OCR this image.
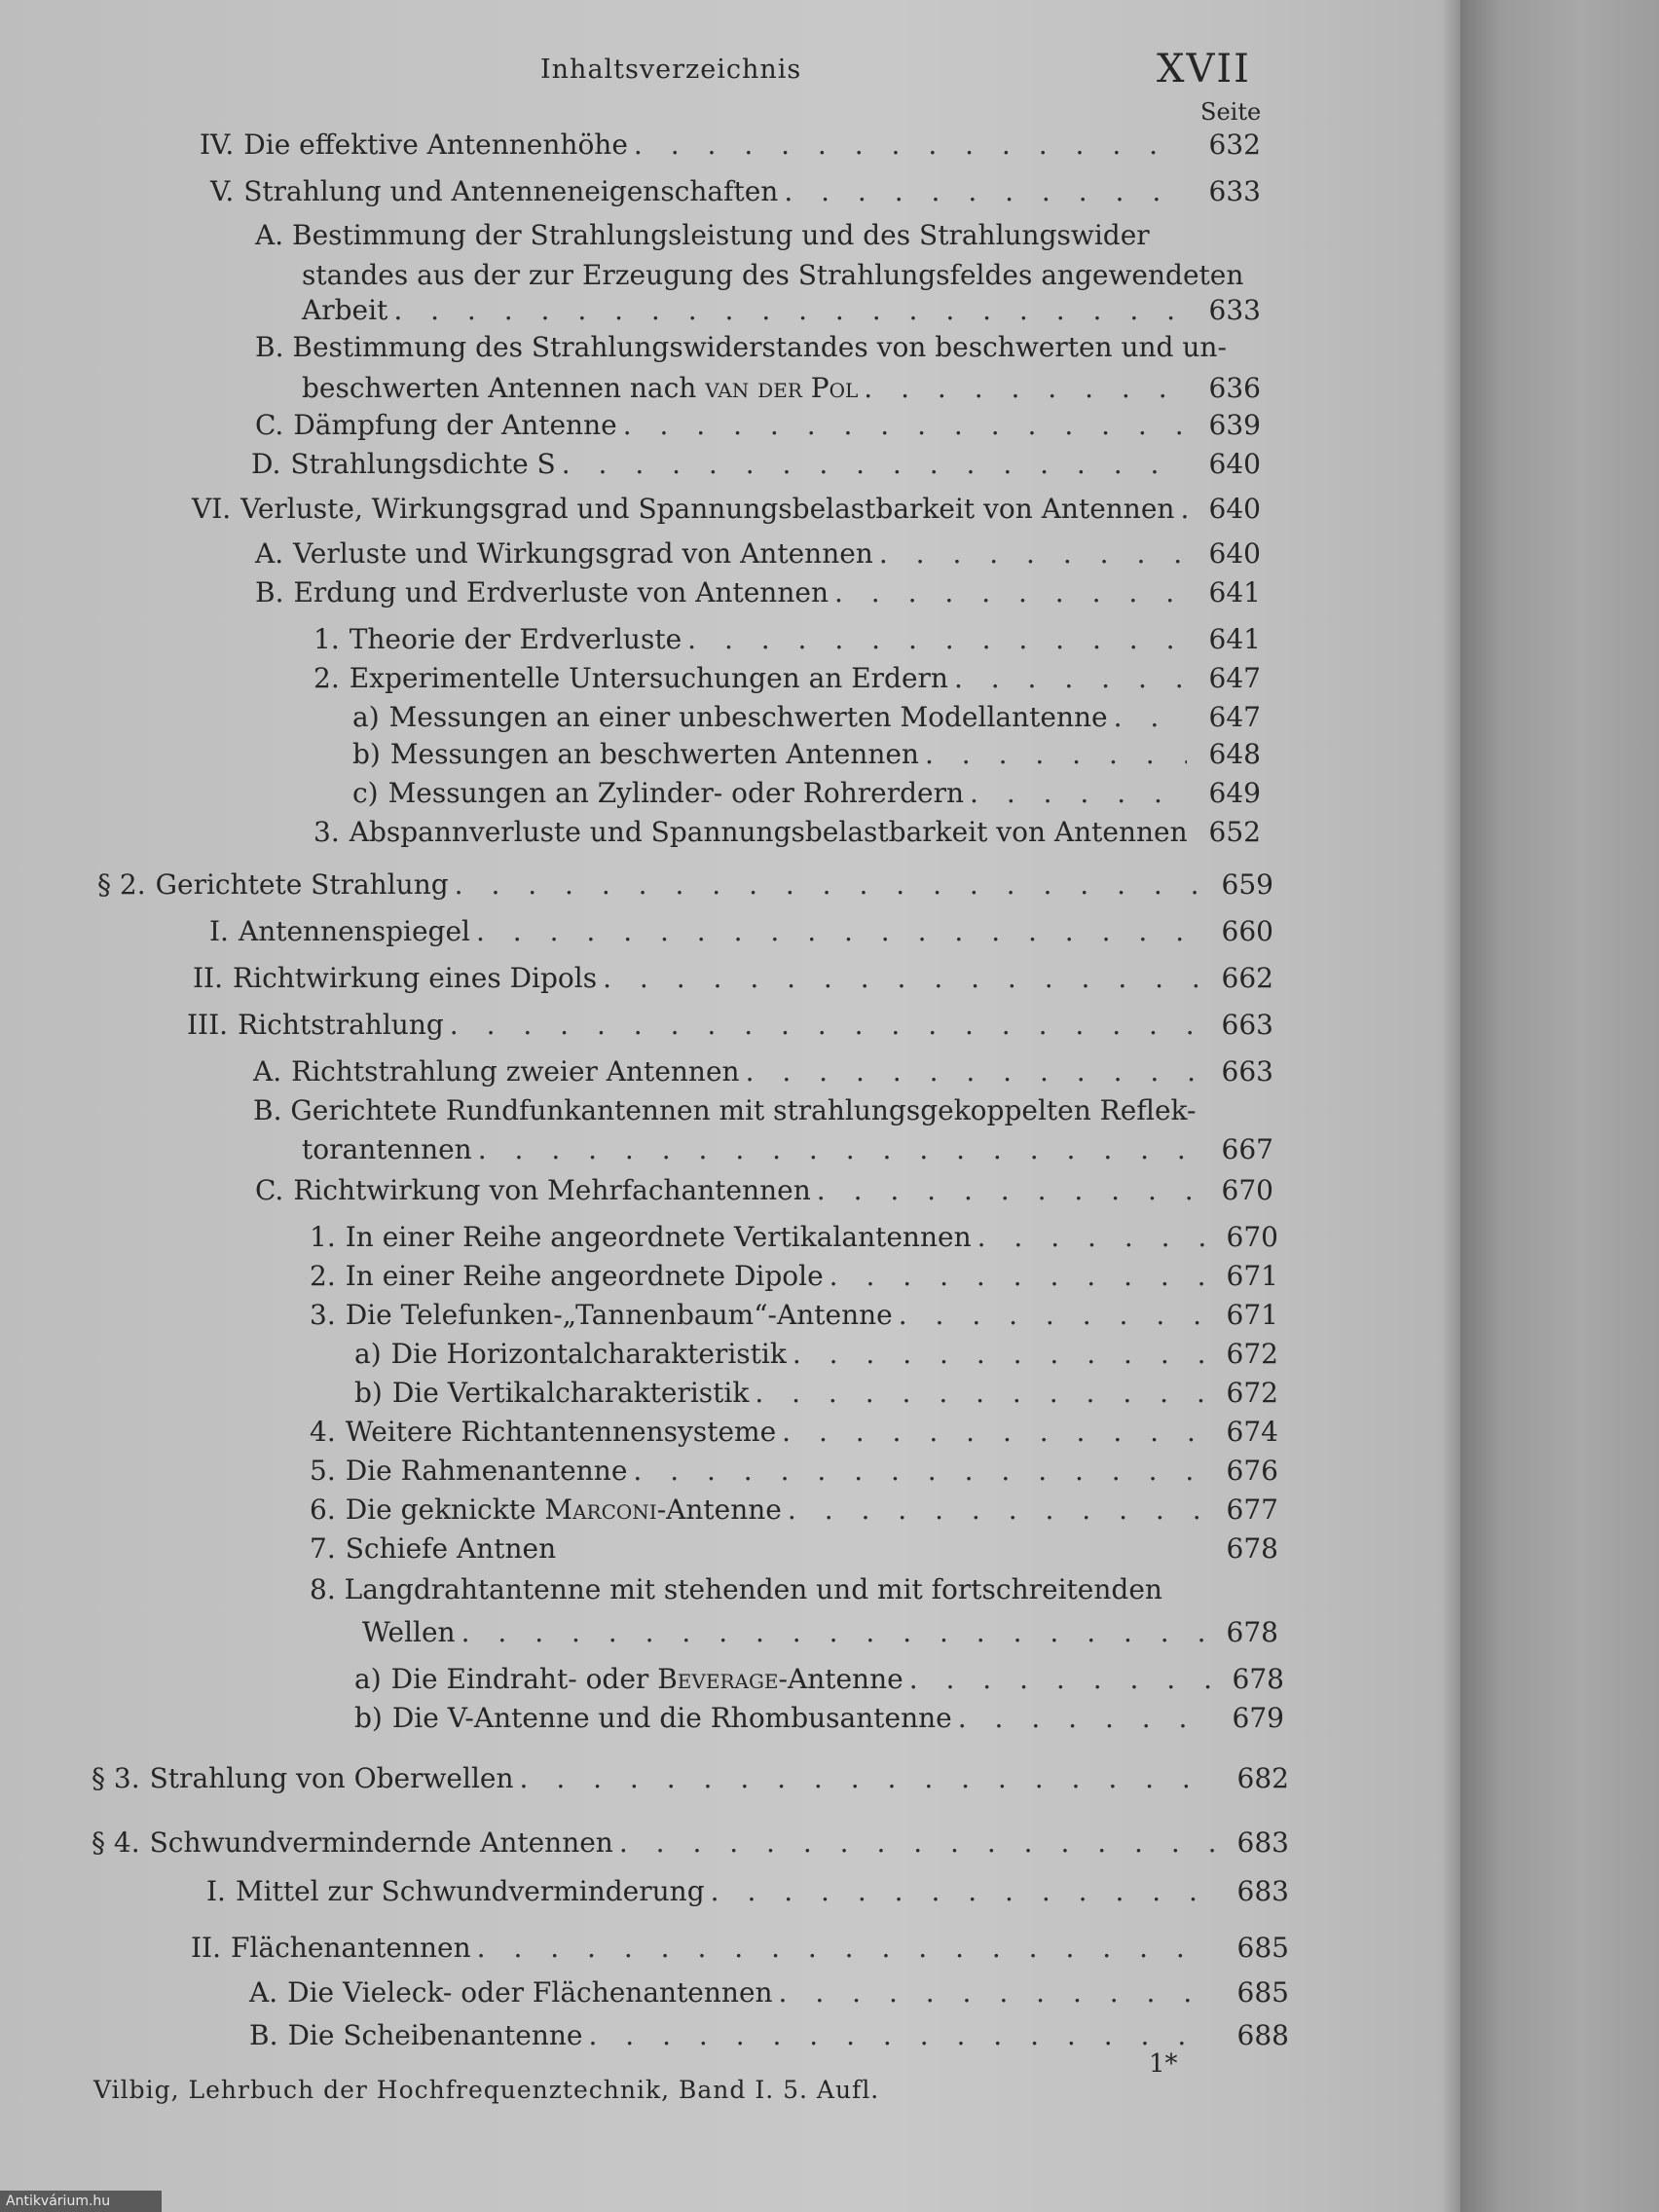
Inhaltsverzeichnis	XVII
Seite
IV. Die effektive Antennenhöhe . . .	632
V. Strahlung und Antenneneigenschaften . . .	633
A. Bestimmung der Strahlungsleistung und des Strahlungswider
standes aus der zur Erzeugung des Strahlungsfeldes angewendeten
Arbeit . . .	633
B. Bestimmung des Strahlungswiderstandes von beschwerten und un-
beschwerten Antennen nach van der Pol . . .	636
C. Dämpfung der Antenne . . .	639
D. Strahlungsdichte S . . .	640
VI. Verluste, Wirkungsgrad und Spannungsbelastbarkeit von Antennen . . .	640
A. Verluste und Wirkungsgrad von Antennen . . .	640
B. Erdung und Erdverluste von Antennen . . .	641
1. Theorie der Erdverluste . . .	641
2. Experimentelle Untersuchungen an Erdern . . .	647
a) Messungen an einer unbeschwerten Modellantenne . . .	647
b) Messungen an beschwerten Antennen . . .	648
c) Messungen an Zylinder- oder Rohrerdern . . .	649
3. Abspannverluste und Spannungsbelastbarkeit von Antennen . . . 652
§ 2. Gerichtete Strahlung . . .	659
I. Antennenspiegel . . .	660
II. Richtwirkung eines Dipols . . .	662
III. Richtstrahlung . . .	663
A. Richtstrahlung zweier Antennen . . .	663
B. Gerichtete Rundfunkantennen mit strahlungsgekoppelten Reflek-
torantennen . . .	667
C. Richtwirkung von Mehrfachantennen . . .	670
1. In einer Reihe angeordnete Vertikalantennen . . .	670
2. In einer Reihe angeordnete Dipole . . .	671
3. Die Telefunken-„Tannenbaum“-Antenne . . .	671
a) Die Horizontalcharakteristik . . .	672
b) Die Vertikalcharakteristik . . .	672
4. Weitere Richtantennensysteme . . .	674
5. Die Rahmenantenne . . .	676
6. Die geknickte Marconi-Antenne . . .	677
7. Schiefe Antnen	678
8. Langdrahtantenne mit stehenden und mit fortschreitenden
Wellen . . .	678
a) Die Eindraht- oder Beverage-Antenne . . .	678
b) Die V-Antenne und die Rhombusantenne . . .	679
§ 3. Strahlung von Oberwellen . . .	682
§ 4. Schwundvermindernde Antennen . . .	683
I. Mittel zur Schwundverminderung . . .	683
II. Flächenantennen . . .	685
A. Die Vieleck- oder Flächenantennen . . .	685
B. Die Scheibenantenne . . .	688
1*
Vilbig, Lehrbuch der Hochfrequenztechnik, Band I. 5. Aufl.
Antikvárium.hu
